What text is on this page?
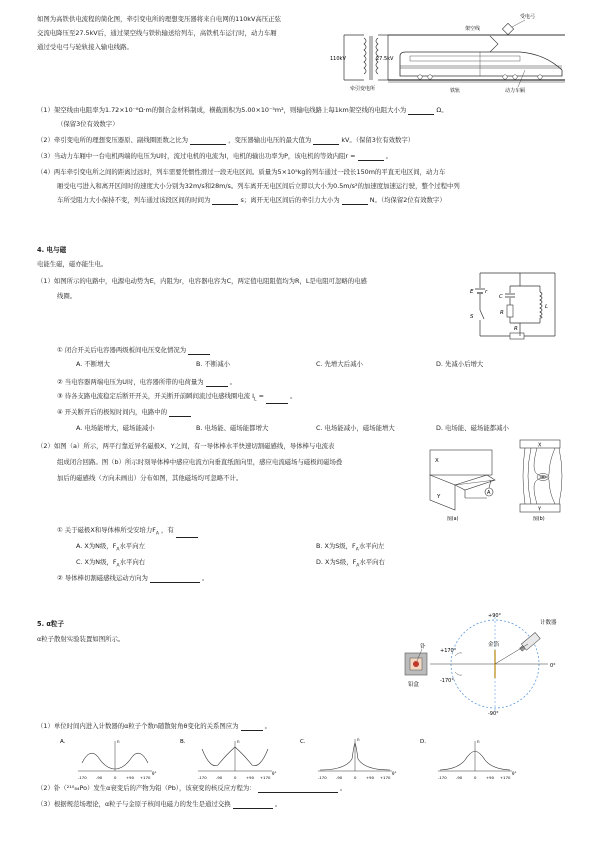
如图为高铁供电流程的简化图，牵引变电所的理想变压器将来自电网的110kV高压正弦
交流电降压至27.5kV后，通过架空线与铁轨输送给列车，高铁机车运行时，动力车厢
通过受电弓与轮轨接入输电线路。
110kV	27.5kV
牵引变电所
受电弓
架空线
铁轨	动力车厢
（1）架空线由电阻率为1.72×10⁻⁸Ω·m的铜合金材料制成，横截面积为5.00×10⁻⁵m²，则输电线路上每1km架空线的电阻大小为	Ω。
（保留3位有效数字）
（2）牵引变电所的理想变压器原、副线圈匝数之比为	，变压器输出电压的最大值为	kV。（保留3位有效数字）
（3）当动力车厢中一台电机两端的电压为U时，流过电机的电流为I，电机的输出功率为P，该电机的等效内阻r =	。
（4）两车牵引变电所之间的距离过远时，列车需要凭惯性滑过一段无电区间。质量为5×10⁵kg的列车通过一段长150m的平直无电区间，动力车
厢受电弓进入和离开区间时的速度大小分别为32m/s和28m/s。列车离开无电区间后立即以大小为0.5m/s²的加速度加速运行驶，整个过程中列
车所受阻力大小保持不变，列车通过该段区间的时间为	s；离开无电区间后的牵引力大小为	N。（均保留2位有效数字）
4. 电与磁
电能生磁，磁亦能生电。
（1）如图所示的电路中，电源电动势为E，内阻为r，电容器电容为C，两定值电阻阻值均为R，L是电阻可忽略的电感
线圈。	E r
S
R
C
R
L
① 闭合开关后电容器两级板间电压变化情况为
A. 不断增大	B. 不断减小	C. 先增大后减小	D. 先减小后增大
② 当电容器两端电压为U时，电容器所带的电荷量为	。
③ 待各支路电流稳定后断开开关，开关断开前瞬间流过电感线圈电流 $I_L$ =	。
④ 开关断开后的极短时间内，电路中的
A. 电场能增大，磁场能减小	B. 电场能、磁场能都增大	C. 电场能减小，磁场能增大	D. 电场能、磁场能都减小
（2）如图（a）所示，两平行靠近异名磁极X、Y之间，有一导体棒水平快速切割磁感线，导体棒与电流表
组成闭合回路。图（b）所示时刻导体棒中感应电流方向垂直纸面向里，感应电流磁场与磁极间磁场叠
加后的磁感线（方向未画出）分布如图，其他磁场均可忽略不计。
X
Y
A
图(a)
X
Y
图(b)
① 关于磁极X和导体棒所受安培力$F_A$ ，有
A. X为N级，$F_A$水平向左	B. X为S级，$F_A$水平向左
C. X为N级，$F_A$水平向右	D. X为S级，$F_A$水平向右
② 导体棒切割磁感线运动方向为	。
5. α粒子
α粒子散射实验装置如图所示。
钋
铅盒
金箔
+90°
+170°
0°
-170°
-90°
计数器
（1）单位时间内进入计数器的α粒子个数n随散射角θ变化的关系图应为	。
A.	n
θ°
-170 -90	0	+90 +170
B.	n
θ°
-170 -90	0	+90 +170
C.	n
θ°
-170 -90	0	+90 +170
D.	n
θ°
-170 -90	0	+90 +170
（2）钋（²¹⁰₈₄Po）发生α衰变后的产物为铅（Pb），该衰变的核反应方程为：	。
（3）根据规范场理论，α粒子与金原子核间电磁力的发生是通过交换	。
